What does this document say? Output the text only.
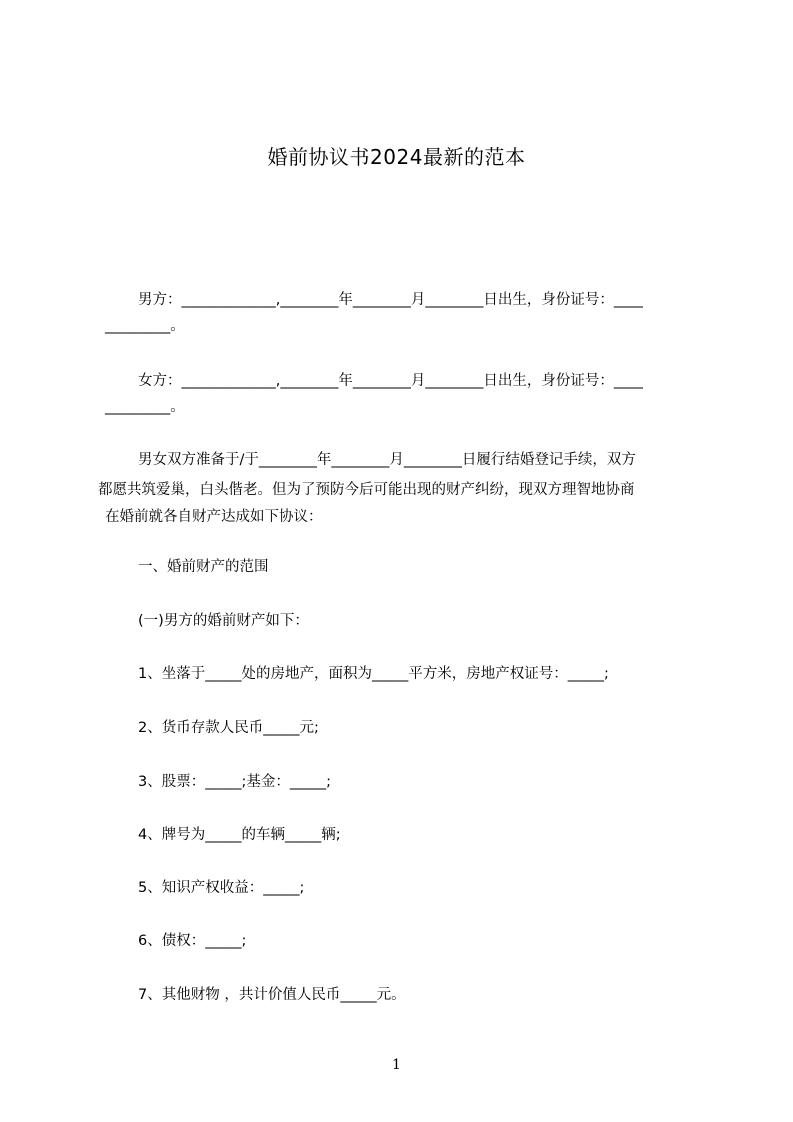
婚前协议书2024最新的范本
男方：_____________,________年________月________日出生，身份证号：____
_________。
女方：_____________,________年________月________日出生，身份证号：____
_________。
男女双方准备于/于________年________月________日履行结婚登记手续，双方
都愿共筑爱巢，白头偕老。但为了预防今后可能出现的财产纠纷，现双方理智地协商
在婚前就各自财产达成如下协议：
一、婚前财产的范围
(一)男方的婚前财产如下：
1、坐落于_____处的房地产，面积为_____平方米，房地产权证号：_____;
2、货币存款人民币_____元;
3、股票：_____;基金：_____;
4、牌号为_____的车辆_____辆;
5、知识产权收益：_____;
6、债权：_____;
7、其他财物 ，共计价值人民币_____元。
1
